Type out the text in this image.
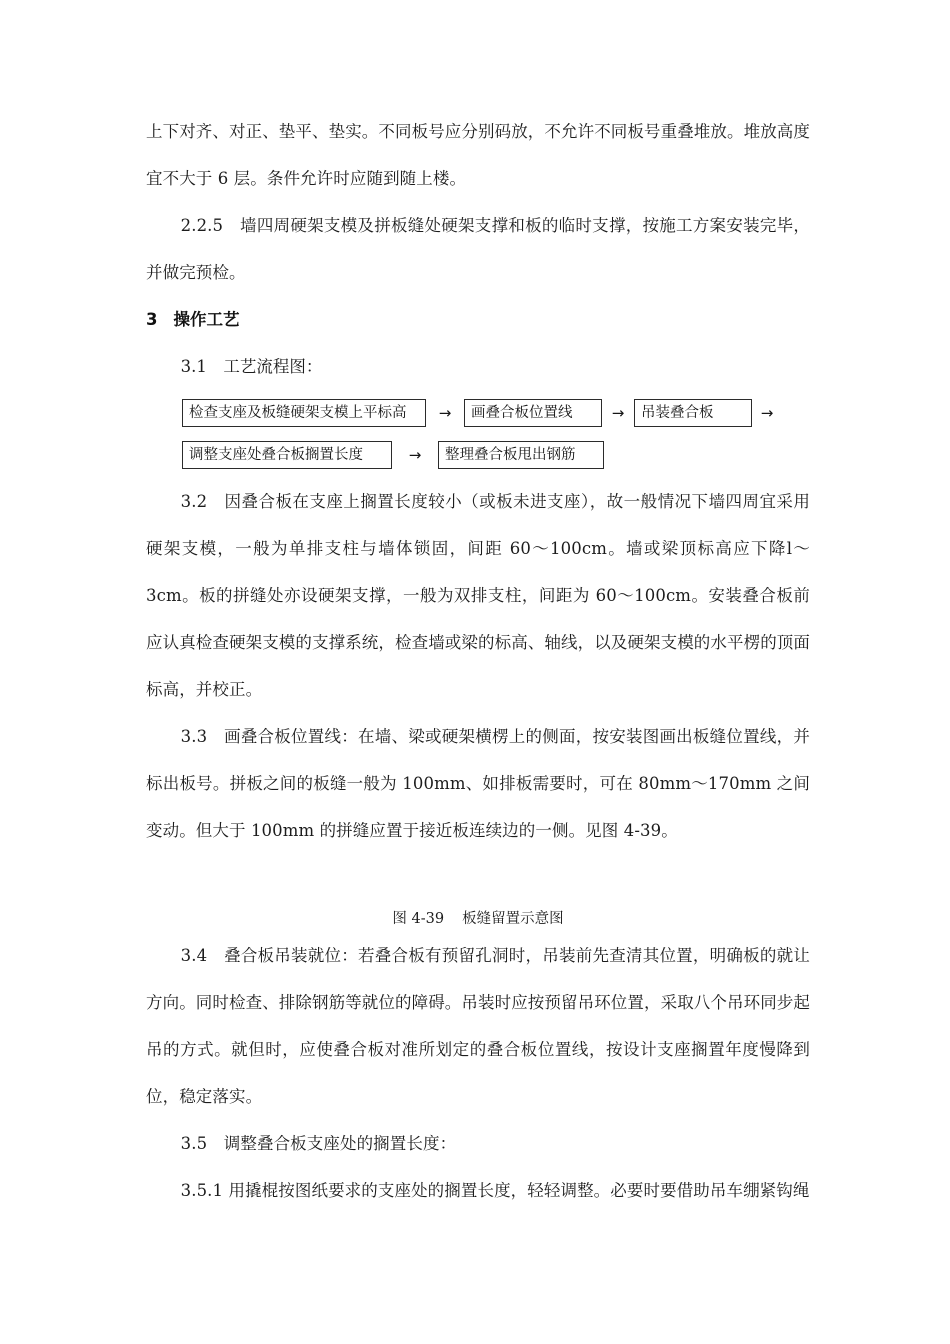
上下对齐、对正、垫平、垫实。不同板号应分别码放，不允许不同板号重叠堆放。堆放高度宜不大于 6 层。条件允许时应随到随上楼。

2.2.5　墙四周硬架支模及拼板缝处硬架支撑和板的临时支撑，按施工方案安装完毕，并做完预检。

3 操作工艺

3.1　工艺流程图：

检查支座及板缝硬架支模上平标高	→	画叠合板位置线	→	吊装叠合板	→
调整支座处叠合板搁置长度	→	整理叠合板甩出钢筋

3.2　因叠合板在支座上搁置长度较小（或板未进支座），故一般情况下墙四周宜采用硬架支模，一般为单排支柱与墙体锁固，间距 60～100cm。墙或梁顶标高应下降l～3cm。板的拼缝处亦设硬架支撑，一般为双排支柱，间距为 60～100cm。安装叠合板前应认真检查硬架支模的支撑系统，检查墙或梁的标高、轴线，以及硬架支模的水平楞的顶面标高，并校正。

3.3　画叠合板位置线：在墙、梁或硬架横楞上的侧面，按安装图画出板缝位置线，并标出板号。拼板之间的板缝一般为 100mm、如排板需要时，可在 80mm～170mm 之间变动。但大于 100mm 的拼缝应置于接近板连续边的一侧。见图 4-39。

图 4-39 板缝留置示意图

3.4　叠合板吊装就位：若叠合板有预留孔洞时，吊装前先查清其位置，明确板的就让方向。同时检查、排除钢筋等就位的障碍。吊装时应按预留吊环位置，采取八个吊环同步起吊的方式。就但时，应使叠合板对准所划定的叠合板位置线，按设计支座搁置年度慢降到位，稳定落实。

3.5　调整叠合板支座处的搁置长度：

3.5.1 用撬棍按图纸要求的支座处的搁置长度，轻轻调整。必要时要借助吊车绷紧钩绳
